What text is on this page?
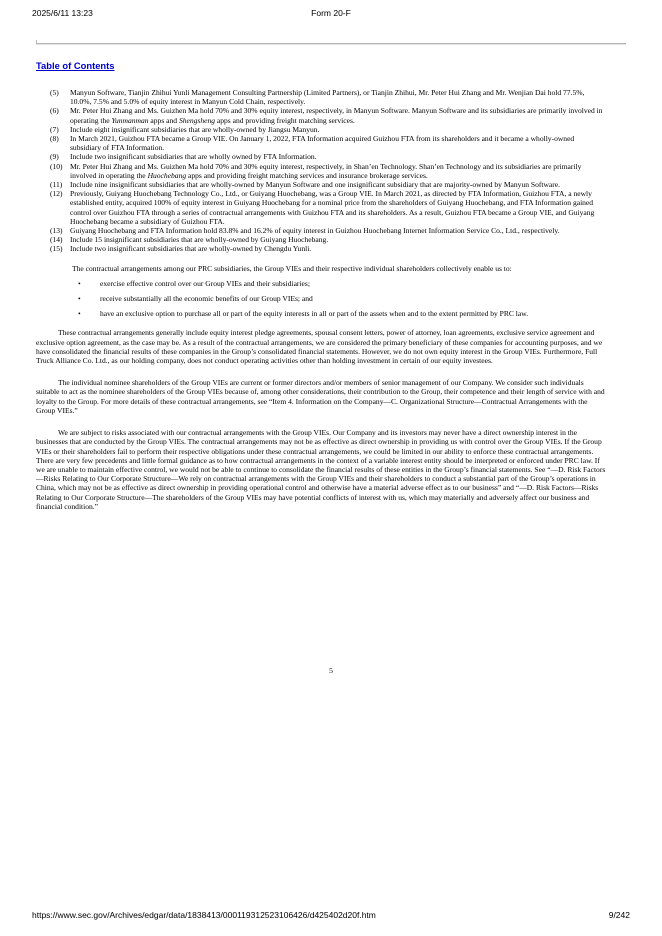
2025/6/11 13:23	Form 20-F
Table of Contents
(5)	Manyun Software, Tianjin Zhihui Yunli Management Consulting Partnership (Limited Partners), or Tianjin Zhihui, Mr. Peter Hui Zhang and Mr. Wenjian Dai hold 77.5%, 10.0%, 7.5% and 5.0% of equity interest in Manyun Cold Chain, respectively.
(6)	Mr. Peter Hui Zhang and Ms. Guizhen Ma hold 70% and 30% equity interest, respectively, in Manyun Software. Manyun Software and its subsidiaries are primarily involved in operating the Yunmanman apps and Shengsheng apps and providing freight matching services.
(7)	Include eight insignificant subsidiaries that are wholly-owned by Jiangsu Manyun.
(8)	In March 2021, Guizhou FTA became a Group VIE. On January 1, 2022, FTA Information acquired Guizhou FTA from its shareholders and it became a wholly-owned subsidiary of FTA Information.
(9)	Include two insignificant subsidiaries that are wholly owned by FTA Information.
(10) Mr. Peter Hui Zhang and Ms. Guizhen Ma hold 70% and 30% equity interest, respectively, in Shan’en Technology. Shan’en Technology and its subsidiaries are primarily involved in operating the Huochebang apps and providing freight matching services and insurance brokerage services.
(11)	Include nine insignificant subsidiaries that are wholly-owned by Manyun Software and one insignificant subsidiary that are majority-owned by Manyun Software.
(12) Previously, Guiyang Huochebang Technology Co., Ltd., or Guiyang Huochebang, was a Group VIE. In March 2021, as directed by FTA Information, Guizhou FTA, a newly established entity, acquired 100% of equity interest in Guiyang Huochebang for a nominal price from the shareholders of Guiyang Huochebang, and FTA Information gained control over Guizhou FTA through a series of contractual arrangements with Guizhou FTA and its shareholders. As a result, Guizhou FTA became a Group VIE, and Guiyang Huochebang became a subsidiary of Guizhou FTA.
(13) Guiyang Huochebang and FTA Information hold 83.8% and 16.2% of equity interest in Guizhou Huochebang Internet Information Service Co., Ltd., respectively.
(14) Include 15 insignificant subsidiaries that are wholly-owned by Guiyang Huochebang.
(15) Include two insignificant subsidiaries that are wholly-owned by Chengdu Yunli.

The contractual arrangements among our PRC subsidiaries, the Group VIEs and their respective individual shareholders collectively enable us to:

•	exercise effective control over our Group VIEs and their subsidiaries;
•	receive substantially all the economic benefits of our Group VIEs; and
•	have an exclusive option to purchase all or part of the equity interests in all or part of the assets when and to the extent permitted by PRC law.

These contractual arrangements generally include equity interest pledge agreements, spousal consent letters, power of attorney, loan agreements, exclusive service agreement and exclusive option agreement, as the case may be. As a result of the contractual arrangements, we are considered the primary beneficiary of these companies for accounting purposes, and we have consolidated the financial results of these companies in the Group’s consolidated financial statements. However, we do not own equity interest in the Group VIEs. Furthermore, Full Truck Alliance Co. Ltd., as our holding company, does not conduct operating activities other than holding investment in certain of our equity investees.

The individual nominee shareholders of the Group VIEs are current or former directors and/or members of senior management of our Company. We consider such individuals suitable to act as the nominee shareholders of the Group VIEs because of, among other considerations, their contribution to the Group, their competence and their length of service with and loyalty to the Group. For more details of these contractual arrangements, see “Item 4. Information on the Company—C. Organizational Structure—Contractual Arrangements with the Group VIEs.”

We are subject to risks associated with our contractual arrangements with the Group VIEs. Our Company and its investors may never have a direct ownership interest in the businesses that are conducted by the Group VIEs. The contractual arrangements may not be as effective as direct ownership in providing us with control over the Group VIEs. If the Group VIEs or their shareholders fail to perform their respective obligations under these contractual arrangements, we could be limited in our ability to enforce these contractual arrangements. There are very few precedents and little formal guidance as to how contractual arrangements in the context of a variable interest entity should be interpreted or enforced under PRC law. If we are unable to maintain effective control, we would not be able to continue to consolidate the financial results of these entities in the Group’s financial statements. See “—D. Risk Factors—Risks Relating to Our Corporate Structure—We rely on contractual arrangements with the Group VIEs and their shareholders to conduct a substantial part of the Group’s operations in China, which may not be as effective as direct ownership in providing operational control and otherwise have a material adverse effect as to our business” and “—D. Risk Factors—Risks Relating to Our Corporate Structure—The shareholders of the Group VIEs may have potential conflicts of interest with us, which may materially and adversely affect our business and financial condition.”

5
https://www.sec.gov/Archives/edgar/data/1838413/000119312523106426/d425402d20f.htm	9/242
